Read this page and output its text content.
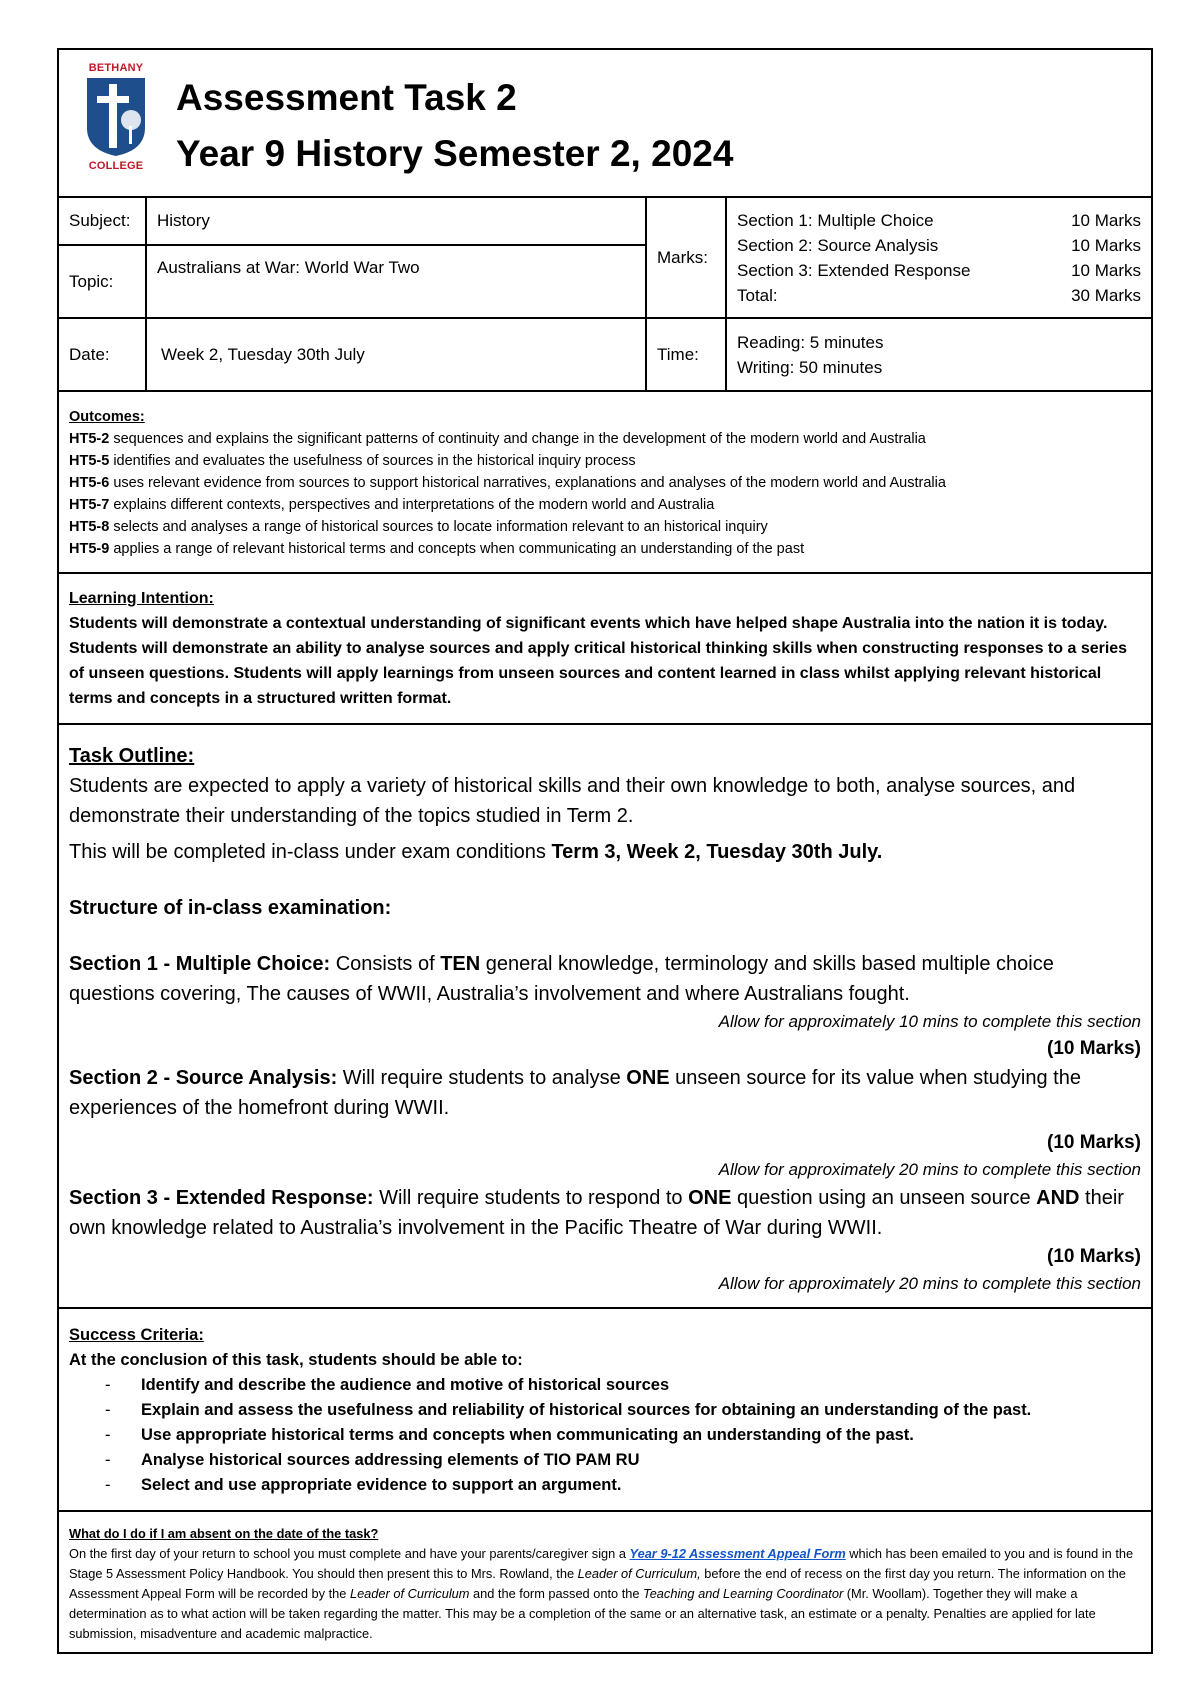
BETHANY
COLLEGE
Assessment Task 2
Year 9 History Semester 2, 2024
Subject:	History
Marks:
Section 1: Multiple Choice	10 Marks
Section 2: Source Analysis	10 Marks
Section 3: Extended Response	10 Marks
Total:	30 Marks
Topic:
Australians at War: World War Two
Date:	Week 2, Tuesday 30th July	Time:
Reading: 5 minutes
Writing: 50 minutes
Outcomes:
HT5-2 sequences and explains the significant patterns of continuity and change in the development of the modern world and Australia
HT5-5 identifies and evaluates the usefulness of sources in the historical inquiry process
HT5-6 uses relevant evidence from sources to support historical narratives, explanations and analyses of the modern world and Australia
HT5-7 explains different contexts, perspectives and interpretations of the modern world and Australia
HT5-8 selects and analyses a range of historical sources to locate information relevant to an historical inquiry
HT5-9 applies a range of relevant historical terms and concepts when communicating an understanding of the past
Learning Intention:
Students will demonstrate a contextual understanding of significant events which have helped shape Australia into the nation it is today. Students will demonstrate an ability to analyse sources and apply critical historical thinking skills when constructing responses to a series of unseen questions. Students will apply learnings from unseen sources and content learned in class whilst applying relevant historical terms and concepts in a structured written format.
Task Outline:

Students are expected to apply a variety of historical skills and their own knowledge to both, analyse sources, and demonstrate their understanding of the topics studied in Term 2.

This will be completed in-class under exam conditions Term 3, Week 2, Tuesday 30th July.

Structure of in-class examination:

Section 1 - Multiple Choice: Consists of TEN general knowledge, terminology and skills based multiple choice questions covering, The causes of WWII, Australia’s involvement and where Australians fought.

Allow for approximately 10 mins to complete this section
(10 Marks)

Section 2 - Source Analysis: Will require students to analyse ONE unseen source for its value when studying the experiences of the homefront during WWII.

(10 Marks)
Allow for approximately 20 mins to complete this section

Section 3 - Extended Response: Will require students to respond to ONE question using an unseen source AND their own knowledge related to Australia’s involvement in the Pacific Theatre of War during WWII.

(10 Marks)
Allow for approximately 20 mins to complete this section
Success Criteria:
At the conclusion of this task, students should be able to:
- Identify and describe the audience and motive of historical sources
- Explain and assess the usefulness and reliability of historical sources for obtaining an understanding of the past.
- Use appropriate historical terms and concepts when communicating an understanding of the past.
- Analyse historical sources addressing elements of TIO PAM RU
- Select and use appropriate evidence to support an argument.
What do I do if I am absent on the date of the task?
On the first day of your return to school you must complete and have your parents/caregiver sign a Year 9-12 Assessment Appeal Form which has been emailed to you and is found in the Stage 5 Assessment Policy Handbook. You should then present this to Mrs. Rowland, the Leader of Curriculum, before the end of recess on the first day you return. The information on the Assessment Appeal Form will be recorded by the Leader of Curriculum and the form passed onto the Teaching and Learning Coordinator (Mr. Woollam). Together they will make a determination as to what action will be taken regarding the matter. This may be a completion of the same or an alternative task, an estimate or a penalty. Penalties are applied for late submission, misadventure and academic malpractice.
